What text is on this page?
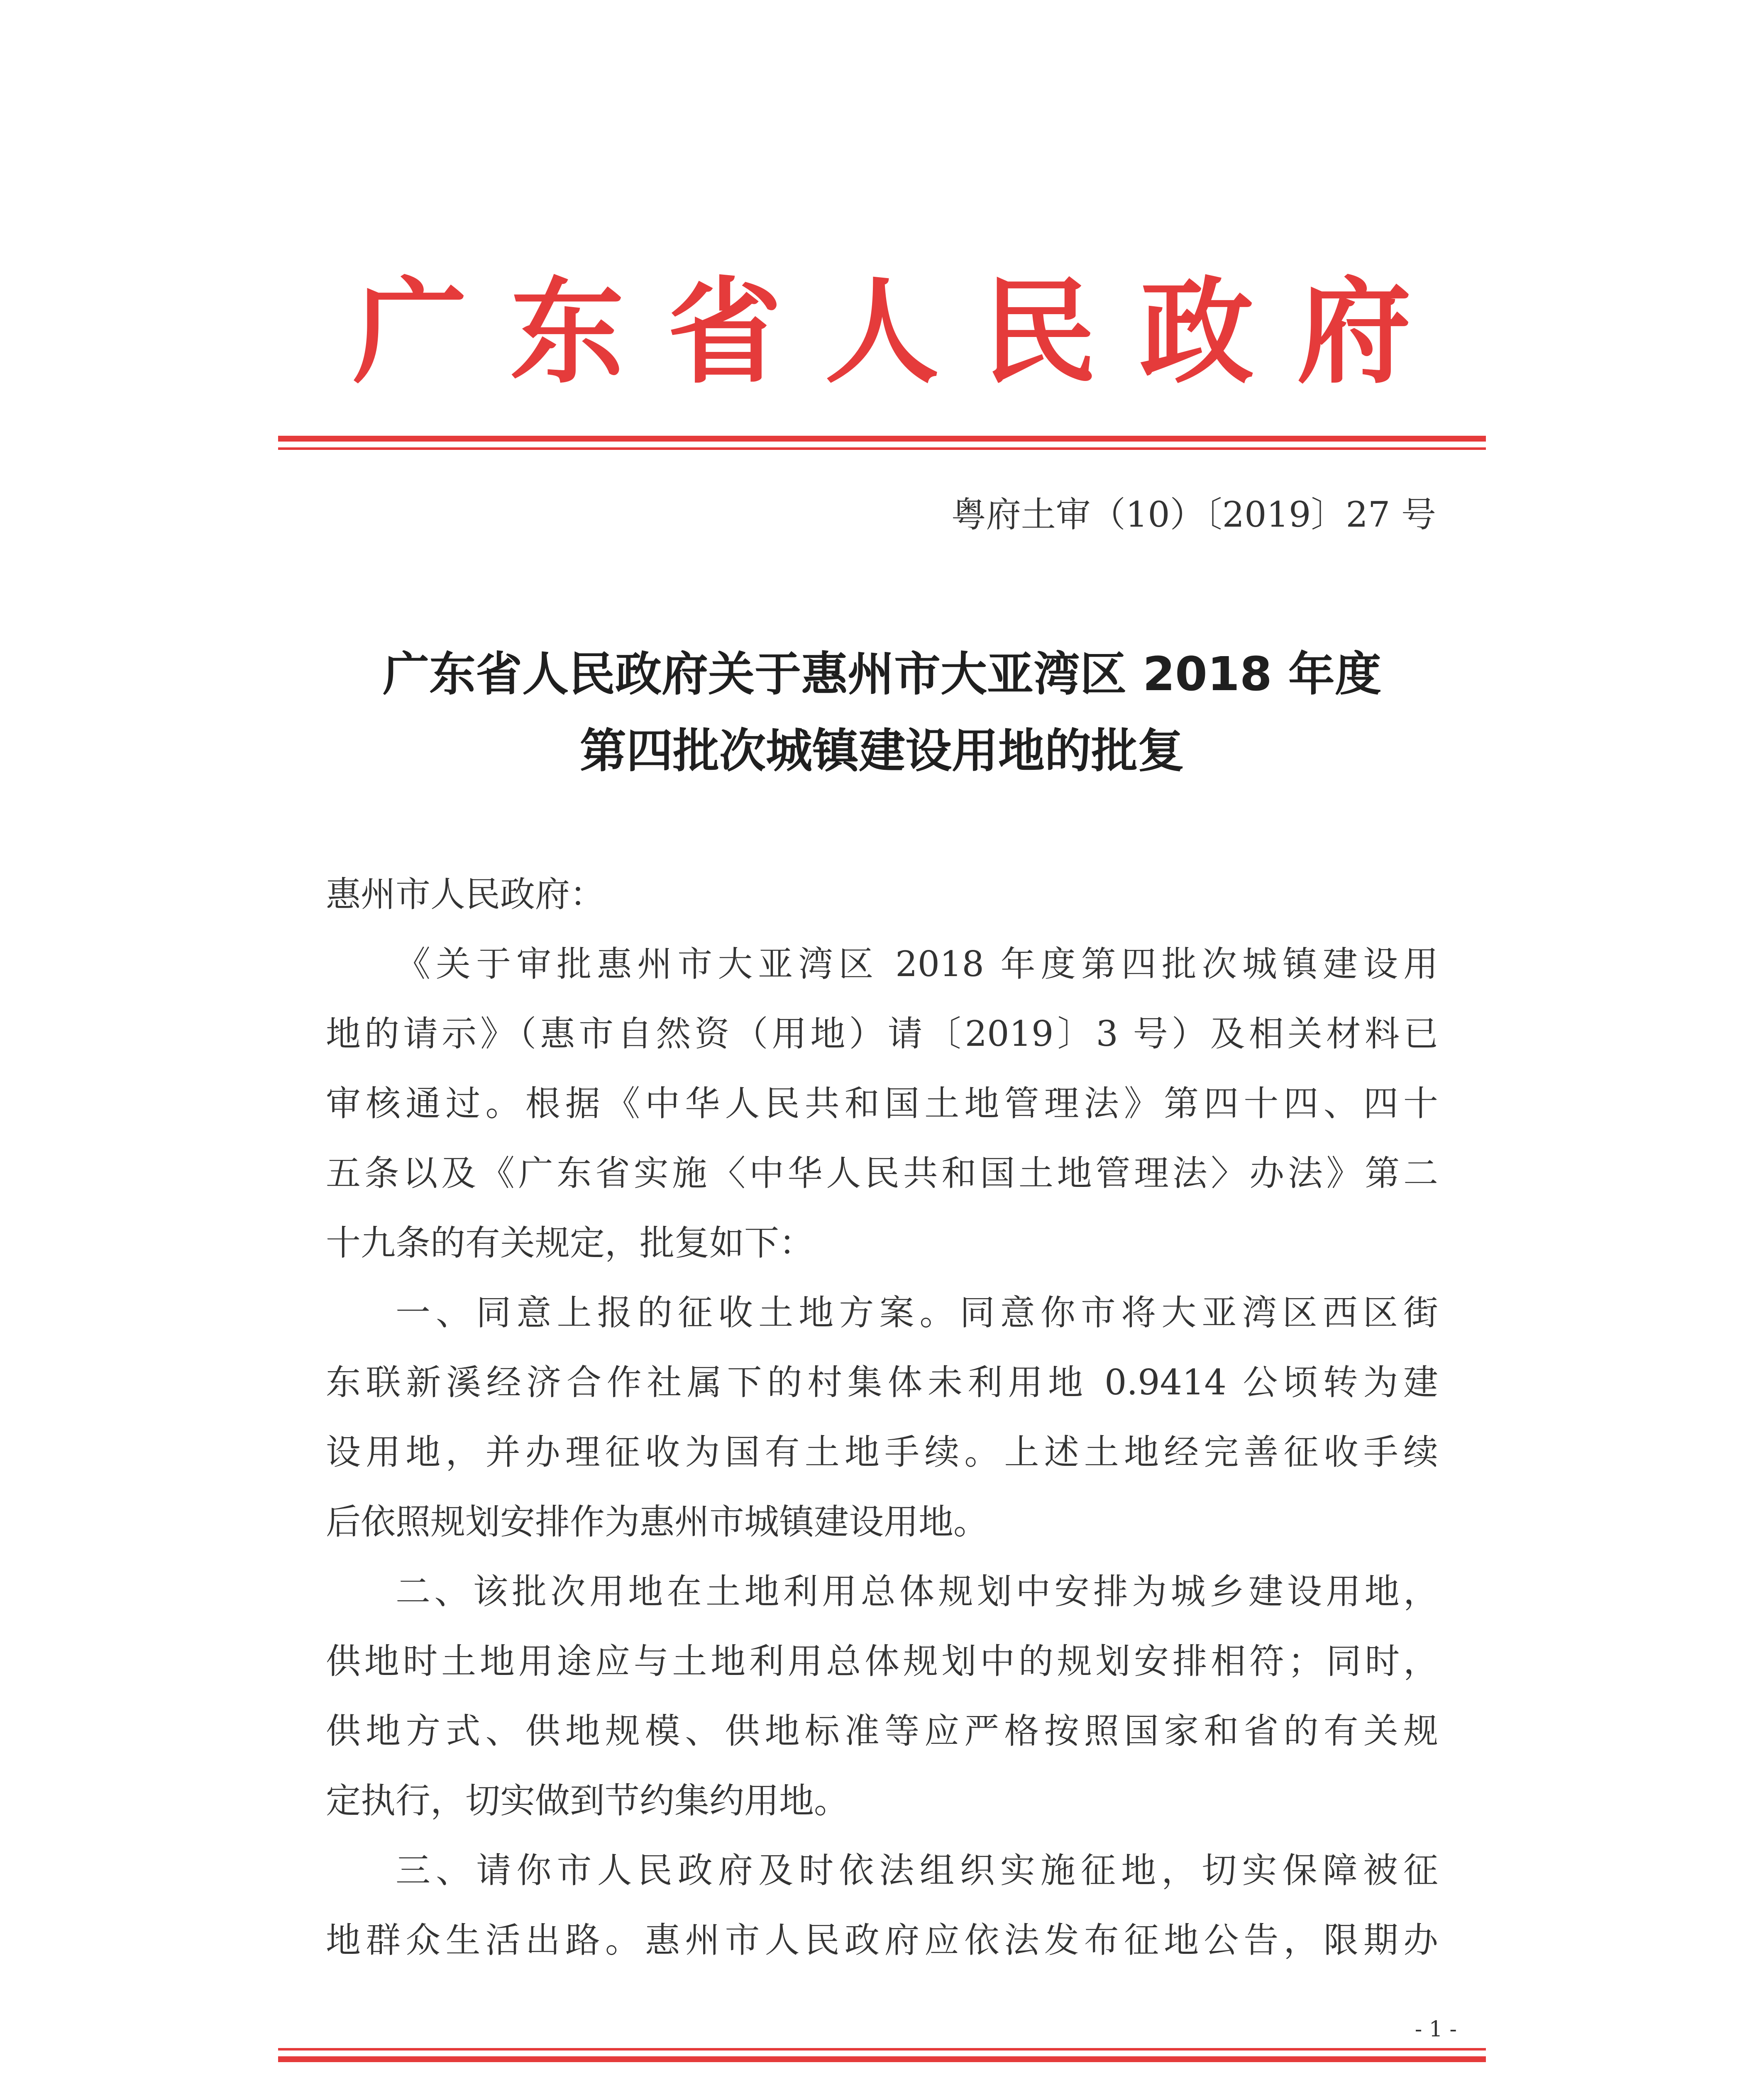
广 东 省 人 民 政 府
粤府土审（10）〔2019〕27 号
广东省人民政府关于惠州市大亚湾区 2018 年度
第四批次城镇建设用地的批复
惠州市人民政府：
《关于审批惠州市大亚湾区 2018 年度第四批次城镇建设用
地的请示》（惠市自然资（用地）请〔2019〕3 号）及相关材料已
审核通过。根据《中华人民共和国土地管理法》第四十四、四十
五条以及《广东省实施〈中华人民共和国土地管理法〉办法》第二
十九条的有关规定，批复如下：
一、同意上报的征收土地方案。同意你市将大亚湾区西区街
东联新溪经济合作社属下的村集体未利用地 0.9414 公顷转为建
设用地，并办理征收为国有土地手续。上述土地经完善征收手续
后依照规划安排作为惠州市城镇建设用地。
二、该批次用地在土地利用总体规划中安排为城乡建设用地，
供地时土地用途应与土地利用总体规划中的规划安排相符；同时，
供地方式、供地规模、供地标准等应严格按照国家和省的有关规
定执行，切实做到节约集约用地。
三、请你市人民政府及时依法组织实施征地，切实保障被征
地群众生活出路。惠州市人民政府应依法发布征地公告，限期办
- 1 -
